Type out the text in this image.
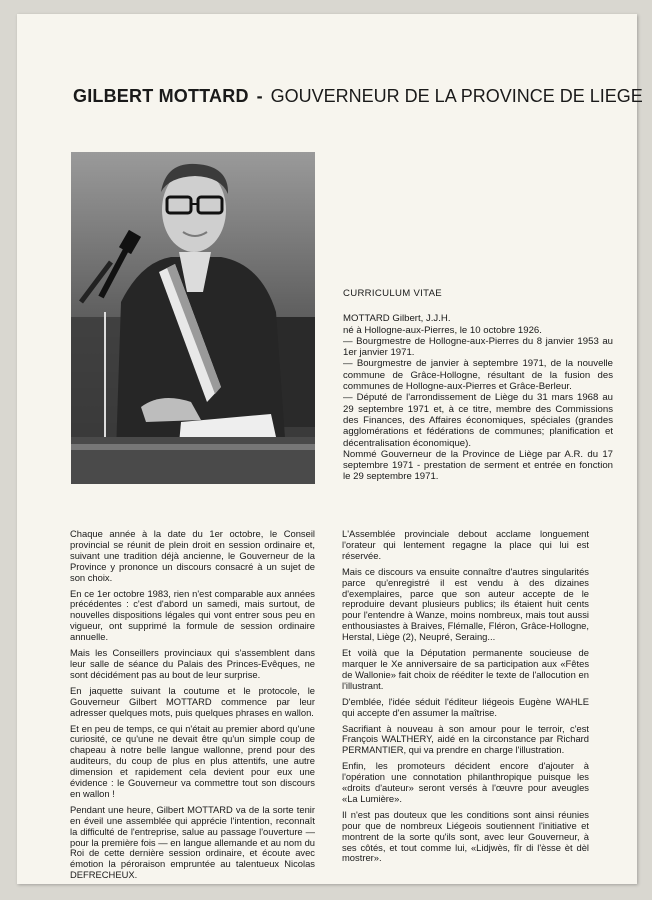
GILBERT MOTTARD - GOUVERNEUR DE LA PROVINCE DE LIEGE
CURRICULUM VITAE

MOTTARD Gilbert, J.J.H.

né à Hollogne-aux-Pierres, le 10 octobre 1926.

— Bourgmestre de Hollogne-aux-Pierres du 8 janvier 1953 au 1er janvier 1971.

— Bourgmestre de janvier à septembre 1971, de la nouvelle commune de Grâce-Hollogne, résultant de la fusion des communes de Hollogne-aux-Pierres et Grâce-Berleur.

— Député de l'arrondissement de Liège du 31 mars 1968 au 29 septembre 1971 et, à ce titre, membre des Commissions des Finances, des Affaires économiques, spéciales (grandes agglomérations et fédérations de communes; planification et décentralisation économique).

Nommé Gouverneur de la Province de Liège par A.R. du 17 septembre 1971 - prestation de serment et entrée en fonction le 29 septembre 1971.

Chaque année à la date du 1er octobre, le Conseil provincial se réunit de plein droit en session ordinaire et, suivant une tradition déjà ancienne, le Gouverneur de la Province y prononce un discours consacré à un sujet de son choix.

En ce 1er octobre 1983, rien n'est comparable aux années précédentes : c'est d'abord un samedi, mais surtout, de nouvelles dispositions légales qui vont entrer sous peu en vigueur, ont supprimé la formule de session ordinaire annuelle.

Mais les Conseillers provinciaux qui s'assemblent dans leur salle de séance du Palais des Princes-Evêques, ne sont décidément pas au bout de leur surprise.

En jaquette suivant la coutume et le protocole, le Gouverneur Gilbert MOTTARD commence par leur adresser quelques mots, puis quelques phrases en wallon.

Et en peu de temps, ce qui n'était au premier abord qu'une curiosité, ce qu'une ne devait être qu'un simple coup de chapeau à notre belle langue wallonne, prend pour des auditeurs, du coup de plus en plus attentifs, une autre dimension et rapidement cela devient pour eux une évidence : le Gouverneur va commettre tout son discours en wallon !

Pendant une heure, Gilbert MOTTARD va de la sorte tenir en éveil une assemblée qui apprécie l'intention, reconnaît la difficulté de l'entreprise, salue au passage l'ouverture — pour la première fois — en langue allemande et au nom du Roi de cette dernière session ordinaire, et écoute avec émotion la péroraison empruntée au talentueux Nicolas DEFRECHEUX.

L'Assemblée provinciale debout acclame longuement l'orateur qui lentement regagne la place qui lui est réservée.

Mais ce discours va ensuite connaître d'autres singularités parce qu'enregistré il est vendu à des dizaines d'exemplaires, parce que son auteur accepte de le reproduire devant plusieurs publics; ils étaient huit cents pour l'entendre à Wanze, moins nombreux, mais tout aussi enthousiastes à Braives, Flémalle, Fléron, Grâce-Hollogne, Herstal, Liège (2), Neupré, Seraing...

Et voilà que la Députation permanente soucieuse de marquer le Xe anniversaire de sa participation aux «Fêtes de Wallonie» fait choix de rééditer le texte de l'allocution en l'illustrant.

D'emblée, l'idée séduit l'éditeur liégeois Eugène WAHLE qui accepte d'en assumer la maîtrise.

Sacrifiant à nouveau à son amour pour le terroir, c'est François WALTHERY, aidé en la circonstance par Richard PERMANTIER, qui va prendre en charge l'illustration.

Enfin, les promoteurs décident encore d'ajouter à l'opération une connotation philanthropique puisque les «droits d'auteur» seront versés à l'œuvre pour aveugles «La Lumière».

Il n'est pas douteux que les conditions sont ainsi réunies pour que de nombreux Liégeois soutiennent l'initiative et montrent de la sorte qu'ils sont, avec leur Gouverneur, à ses côtés, et tout comme lui, «Lidjwès, fîr di l'èsse èt dèl mostrer».
